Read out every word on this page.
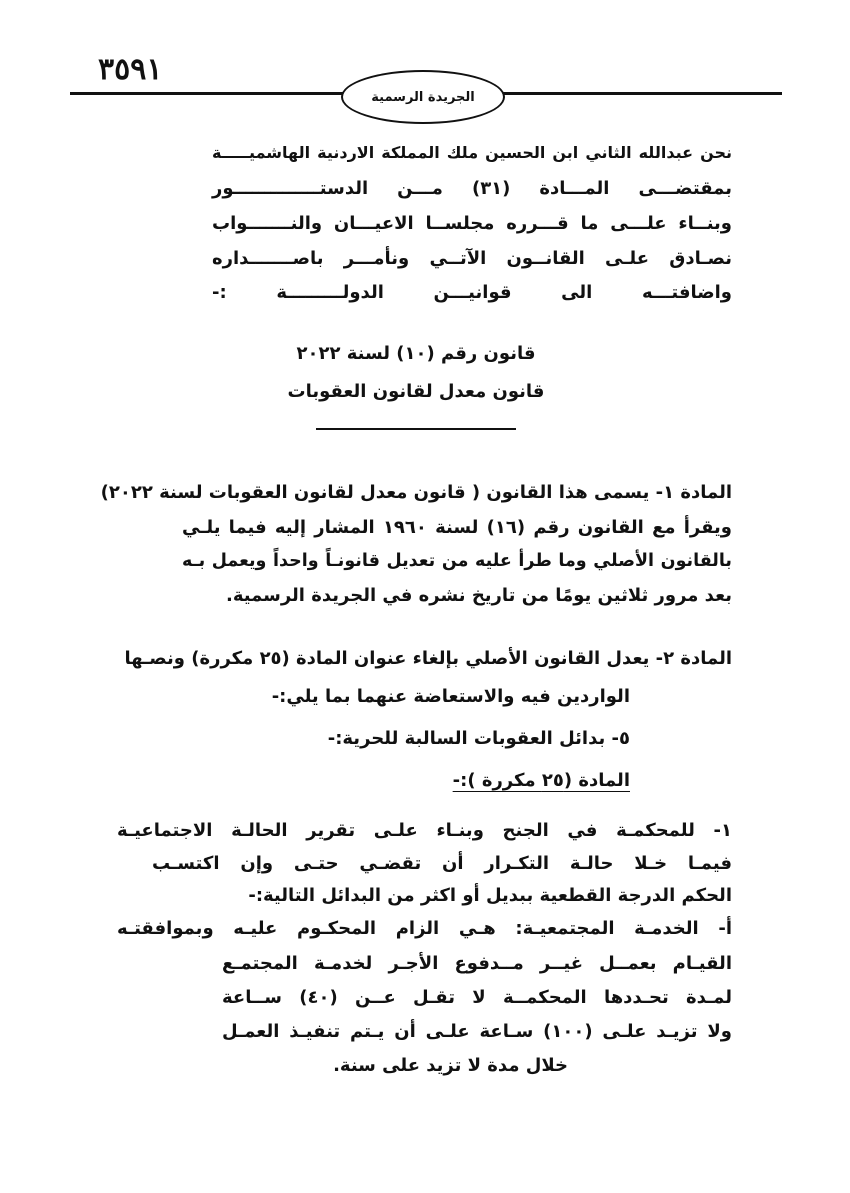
٣٥٩١
الجريدة الرسمية
نحن عبدالله الثاني ابن الحسين ملك المملكة الاردنية الهاشميـــــة
بمقتضـــى المـــادة (٣١) مـــن الدستــــــــــــــور
وبنــاء علـــى ما قـــرره مجلســا الاعيـــان والنـــــــواب
نصـادق علـى القانــون الآتــي ونأمـــر باصـــــــداره
واضافتـــه الى قوانيـــن الدولـــــــــة :-
قانون رقم (١٠) لسنة ٢٠٢٢
قانون معدل لقانون العقوبات
المادة ١- يسمى هذا القانون ( قانون معدل لقانون العقوبات لسنة ٢٠٢٢)
ويقرأ مع القانون رقم (١٦) لسنة ١٩٦٠ المشار إليه فيما يلـي
بالقانون الأصلي وما طرأ عليه من تعديل قانونـاً واحداً ويعمل بـه
بعد مرور ثلاثين يومًا من تاريخ نشره في الجريدة الرسمية.
المادة ٢- يعدل القانون الأصلي بإلغاء عنوان المادة (٢٥ مكررة) ونصـها
الواردين فيه والاستعاضة عنهما بما يلي:-
٥- بدائل العقوبات السالبة للحرية:-
المادة (٢٥ مكررة ):-
١- للمحكمـة في الجنح وبنـاء علـى تقرير الحالـة الاجتماعيـة
فيمـا خـلا حالـة التكـرار أن تقضـي حتـى وإن اكتسـب
الحكم الدرجة القطعية ببديل أو اكثر من البدائل التالية:-
أ- الخدمـة المجتمعيـة: هـي الزام المحكـوم عليـه وبموافقتـه
القيـام بعمــل غيــر مــدفوع الأجـر لخدمـة المجتمـع
لمـدة تحـددها المحكمــة لا تقـل عــن (٤٠) ســاعة
ولا تزيـد علـى (١٠٠) سـاعة علـى أن يـتم تنفيـذ العمـل
خلال مدة لا تزيد على سنة.
